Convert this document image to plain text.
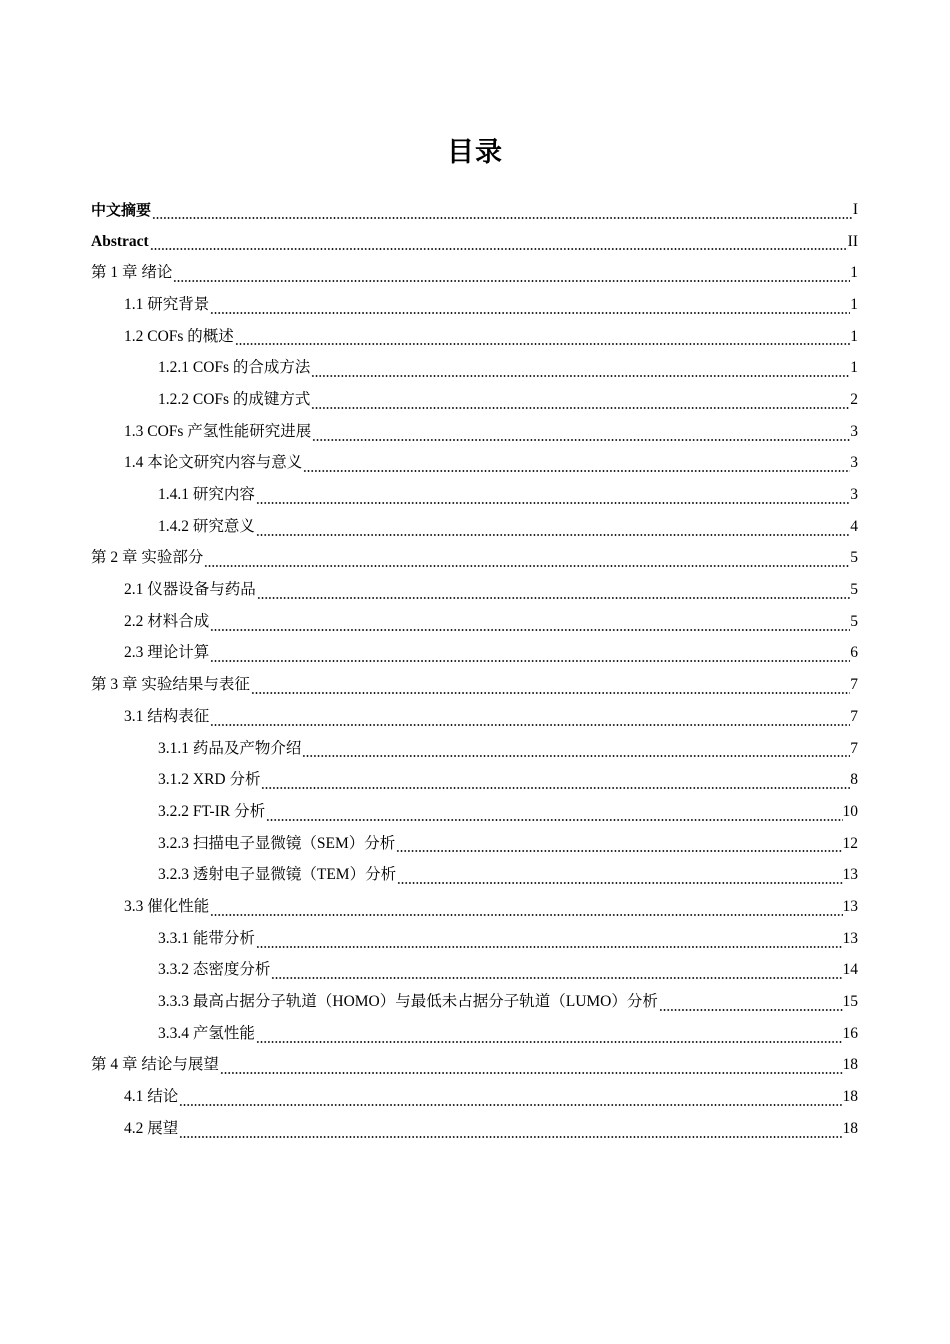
目录
中文摘要	I
Abstract	II
第 1 章 绪论	1
1.1 研究背景	1
1.2 COFs 的概述	1
1.2.1 COFs 的合成方法	1
1.2.2 COFs 的成键方式	2
1.3 COFs 产氢性能研究进展	3
1.4 本论文研究内容与意义	3
1.4.1 研究内容	3
1.4.2 研究意义	4
第 2 章 实验部分	5
2.1 仪器设备与药品	5
2.2 材料合成	5
2.3 理论计算	6
第 3 章 实验结果与表征	7
3.1 结构表征	7
3.1.1 药品及产物介绍	7
3.1.2 XRD 分析	8
3.2.2 FT-IR 分析	10
3.2.3 扫描电子显微镜（SEM）分析	12
3.2.3 透射电子显微镜（TEM）分析	13
3.3 催化性能	13
3.3.1 能带分析	13
3.3.2 态密度分析	14
3.3.3 最高占据分子轨道（HOMO）与最低未占据分子轨道（LUMO）分析	15
3.3.4 产氢性能	16
第 4 章 结论与展望	18
4.1 结论	18
4.2 展望	18
